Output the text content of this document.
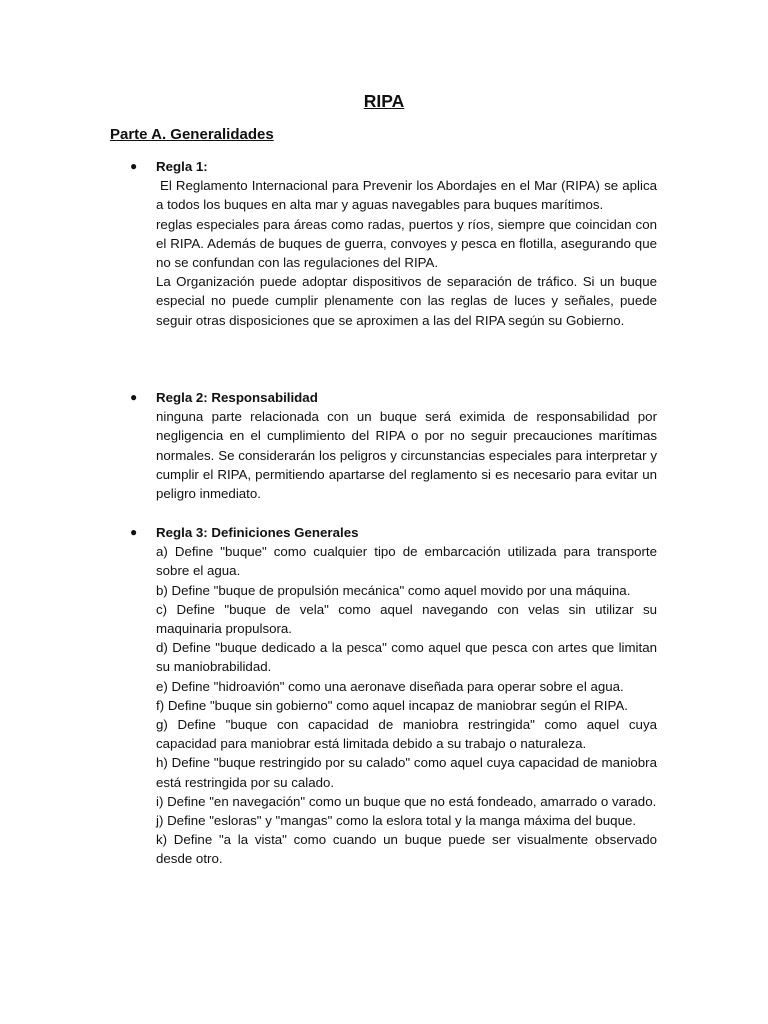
RIPA
Parte A. Generalidades
● Regla 1:

El Reglamento Internacional para Prevenir los Abordajes en el Mar (RIPA) se aplica a todos los buques en alta mar y aguas navegables para buques marítimos.

reglas especiales para áreas como radas, puertos y ríos, siempre que coincidan con el RIPA. Además de buques de guerra, convoyes y pesca en flotilla, asegurando que no se confundan con las regulaciones del RIPA.

La Organización puede adoptar dispositivos de separación de tráfico. Si un buque especial no puede cumplir plenamente con las reglas de luces y señales, puede seguir otras disposiciones que se aproximen a las del RIPA según su Gobierno.

● Regla 2: Responsabilidad

ninguna parte relacionada con un buque será eximida de responsabilidad por negligencia en el cumplimiento del RIPA o por no seguir precauciones marítimas normales. Se considerarán los peligros y circunstancias especiales para interpretar y cumplir el RIPA, permitiendo apartarse del reglamento si es necesario para evitar un peligro inmediato.

● Regla 3: Definiciones Generales

a) Define "buque" como cualquier tipo de embarcación utilizada para transporte sobre el agua.

b) Define "buque de propulsión mecánica" como aquel movido por una máquina.

c) Define "buque de vela" como aquel navegando con velas sin utilizar su maquinaria propulsora.

d) Define "buque dedicado a la pesca" como aquel que pesca con artes que limitan su maniobrabilidad.

e) Define "hidroavión" como una aeronave diseñada para operar sobre el agua.

f) Define "buque sin gobierno" como aquel incapaz de maniobrar según el RIPA.

g) Define "buque con capacidad de maniobra restringida" como aquel cuya capacidad para maniobrar está limitada debido a su trabajo o naturaleza.

h) Define "buque restringido por su calado" como aquel cuya capacidad de maniobra está restringida por su calado.

i) Define "en navegación" como un buque que no está fondeado, amarrado o varado.

j) Define "esloras" y "mangas" como la eslora total y la manga máxima del buque.

k) Define "a la vista" como cuando un buque puede ser visualmente observado desde otro.
